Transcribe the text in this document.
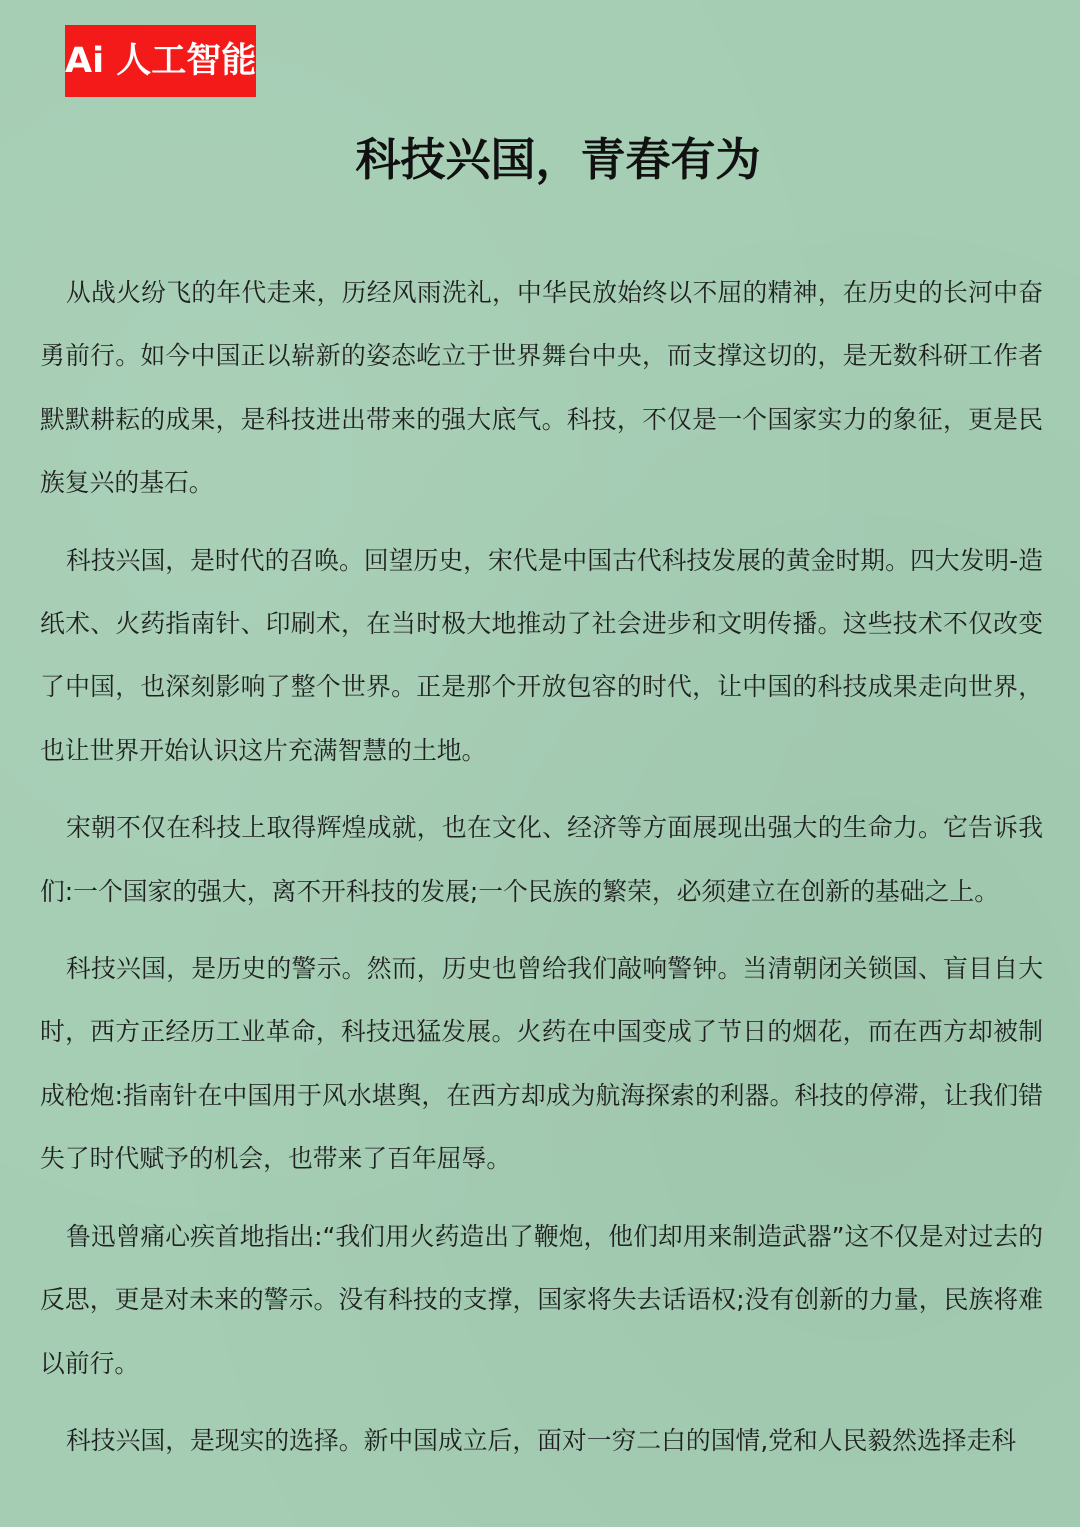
Ai 人工智能
科技兴国，青春有为

从战火纷飞的年代走来，历经风雨洗礼，中华民放始终以不屈的精神，在历史的长河中奋勇前行。如今中国正以崭新的姿态屹立于世界舞台中央，而支撑这切的，是无数科研工作者默默耕耘的成果，是科技进出带来的强大底气。科技，不仅是一个国家实力的象征，更是民族复兴的基石。

科技兴国，是时代的召唤。回望历史，宋代是中国古代科技发展的黄金时期。四大发明-造纸术、火药指南针、印刷术，在当时极大地推动了社会进步和文明传播。这些技术不仅改变了中国，也深刻影响了整个世界。正是那个开放包容的时代，让中国的科技成果走向世界，也让世界开始认识这片充满智慧的土地。

宋朝不仅在科技上取得辉煌成就，也在文化、经济等方面展现出强大的生命力。它告诉我们:一个国家的强大，离不开科技的发展;一个民族的繁荣，必须建立在创新的基础之上。

科技兴国，是历史的警示。然而，历史也曾给我们敲响警钟。当清朝闭关锁国、盲目自大时，西方正经历工业革命，科技迅猛发展。火药在中国变成了节日的烟花，而在西方却被制成枪炮:指南针在中国用于风水堪舆，在西方却成为航海探索的利器。科技的停滞，让我们错失了时代赋予的机会，也带来了百年屈辱。

鲁迅曾痛心疾首地指出:“我们用火药造出了鞭炮，他们却用来制造武器”这不仅是对过去的反思，更是对未来的警示。没有科技的支撑，国家将失去话语权;没有创新的力量，民族将难以前行。

科技兴国，是现实的选择。新中国成立后，面对一穷二白的国情,党和人民毅然选择走科
